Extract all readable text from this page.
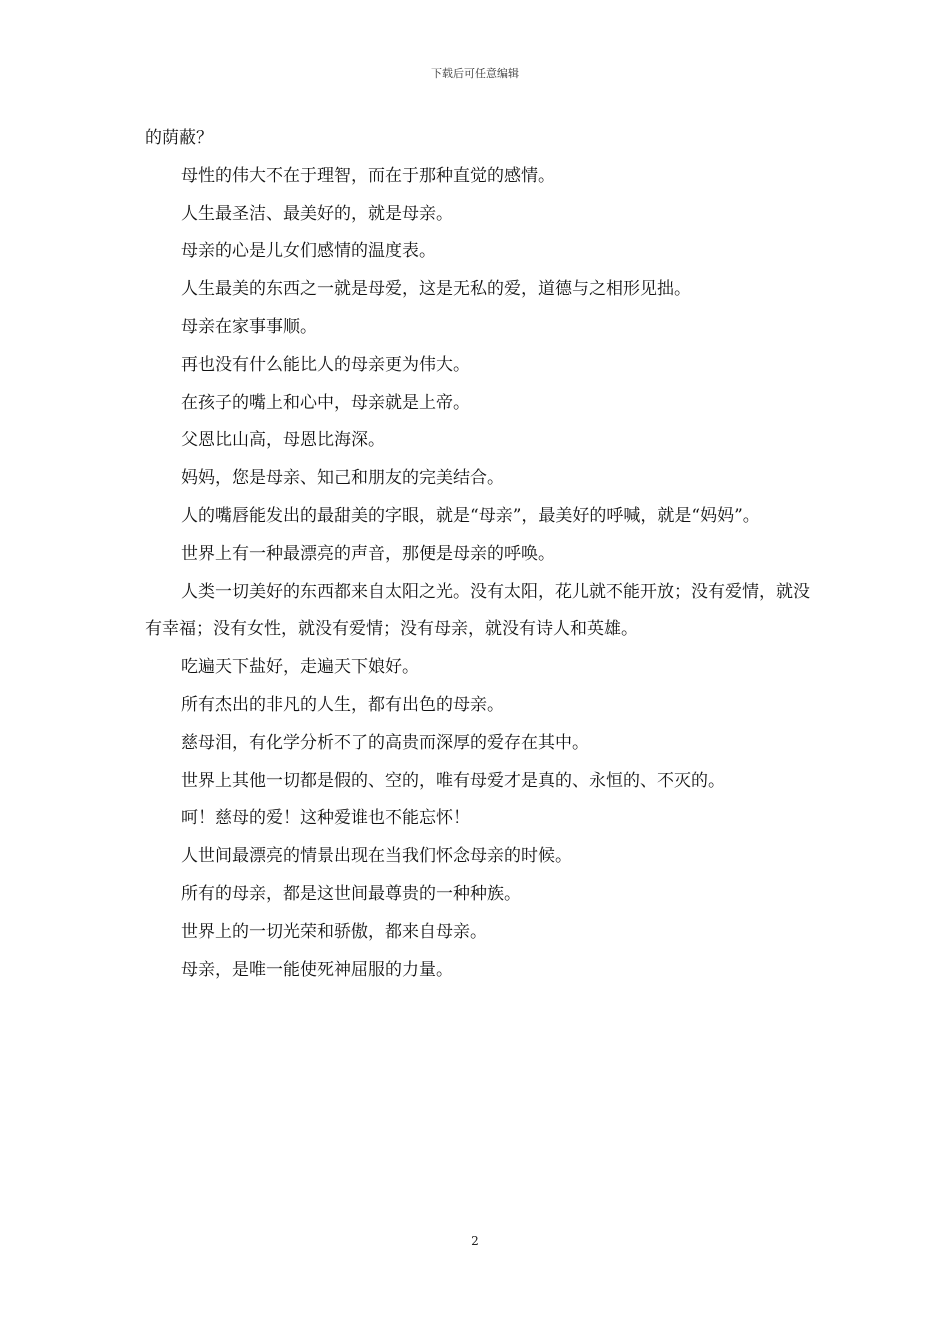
下载后可任意编辑

的荫蔽？

母性的伟大不在于理智，而在于那种直觉的感情。

人生最圣洁、最美好的，就是母亲。

母亲的心是儿女们感情的温度表。

人生最美的东西之一就是母爱，这是无私的爱，道德与之相形见拙。

母亲在家事事顺。

再也没有什么能比人的母亲更为伟大。

在孩子的嘴上和心中，母亲就是上帝。

父恩比山高，母恩比海深。

妈妈，您是母亲、知己和朋友的完美结合。

人的嘴唇能发出的最甜美的字眼，就是“母亲”，最美好的呼喊，就是“妈妈”。

世界上有一种最漂亮的声音，那便是母亲的呼唤。

人类一切美好的东西都来自太阳之光。没有太阳，花儿就不能开放；没有爱情，就没有幸福；没有女性，就没有爱情；没有母亲，就没有诗人和英雄。

吃遍天下盐好，走遍天下娘好。

所有杰出的非凡的人生，都有出色的母亲。

慈母泪，有化学分析不了的高贵而深厚的爱存在其中。

世界上其他一切都是假的、空的，唯有母爱才是真的、永恒的、不灭的。

呵！慈母的爱！这种爱谁也不能忘怀！

人世间最漂亮的情景出现在当我们怀念母亲的时候。

所有的母亲，都是这世间最尊贵的一种种族。

世界上的一切光荣和骄傲，都来自母亲。

母亲，是唯一能使死神屈服的力量。

2
